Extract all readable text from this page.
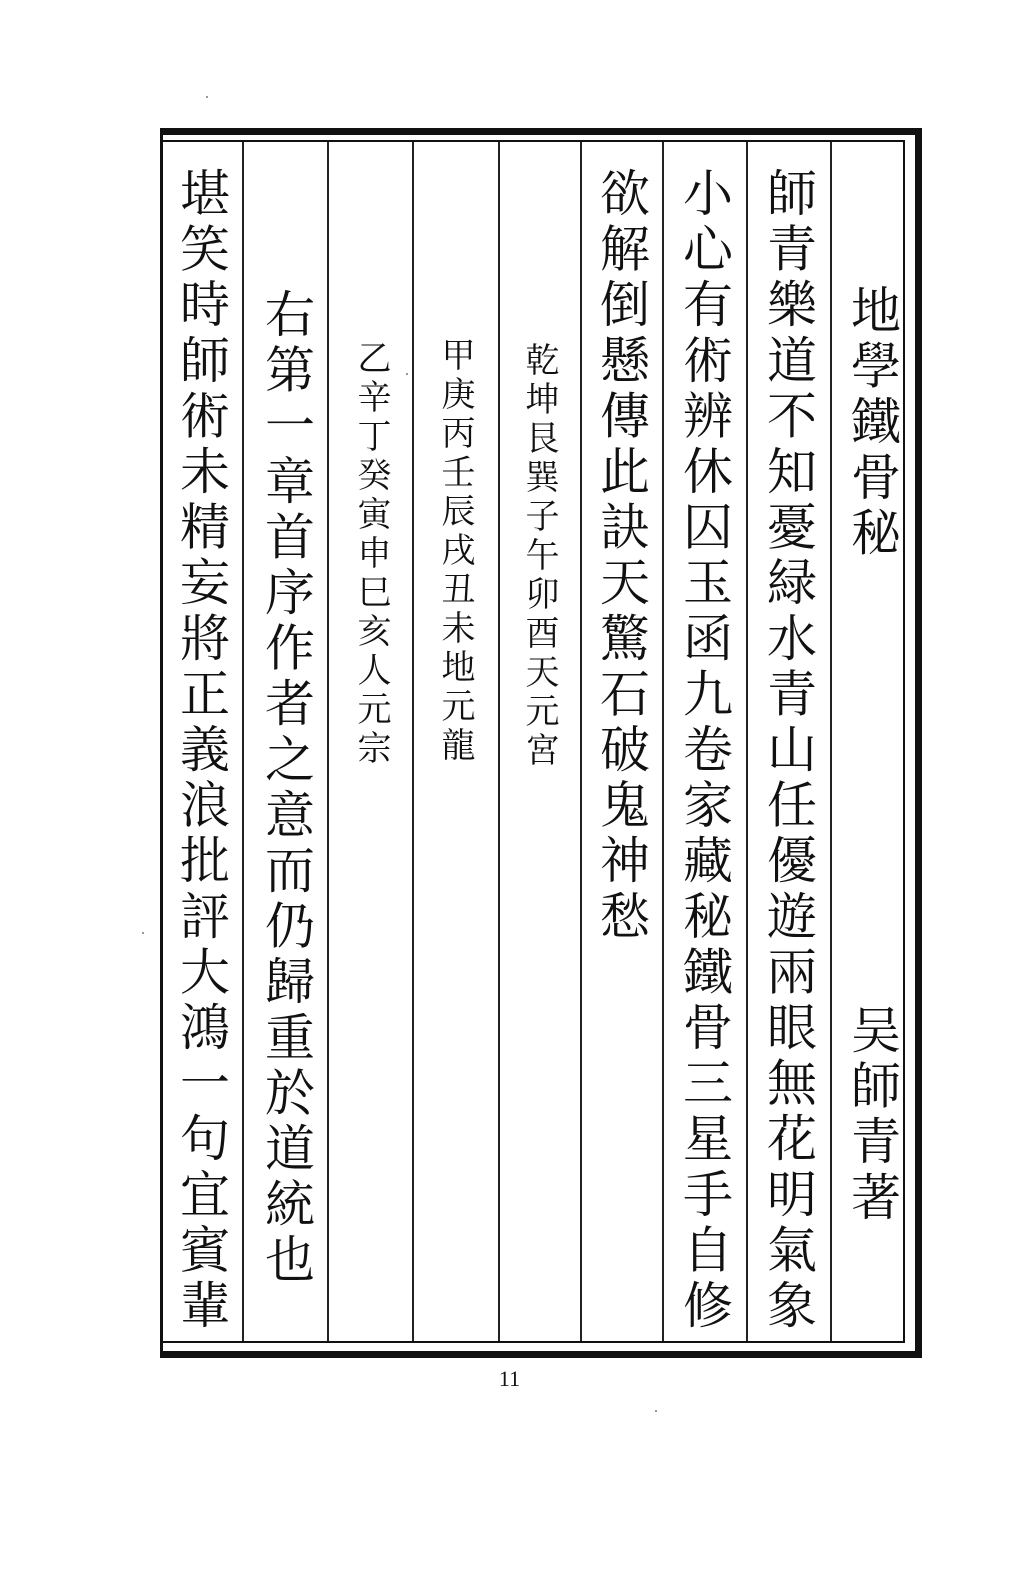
地學鐵骨秘
吴師青著
師青樂道不知憂緑水青山任優遊兩眼無花明氣象
小心有術辨休囚玉函九卷家藏秘鐵骨三星手自修
欲解倒懸傳此訣天驚石破鬼神愁
乾坤艮巽子午卯酉天元宮
甲庚丙壬辰戌丑未地元龍
乙辛丁癸寅申巳亥人元宗
右第一章首序作者之意而仍歸重於道統也
堪笑時師術未精妄將正義浪批評大鴻一句宜賓輩
11
